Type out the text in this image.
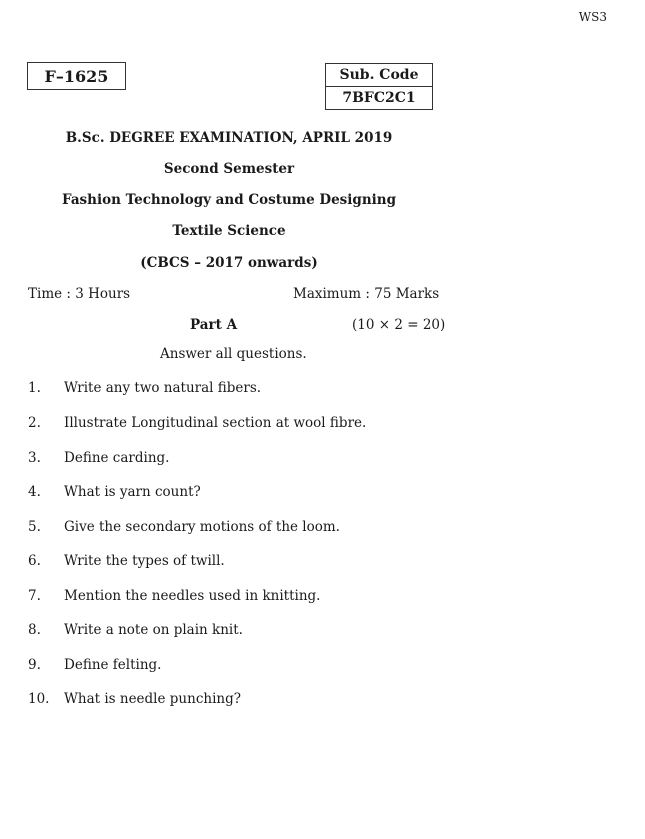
WS3
F–1625	Sub. Code
7BFC2C1
B.Sc. DEGREE EXAMINATION, APRIL 2019
Second Semester
Fashion Technology and Costume Designing
Textile Science
(CBCS – 2017 onwards)
Time : 3 Hours	Maximum : 75 Marks
Part A	(10 × 2 = 20)
Answer all questions.
1. Write any two natural fibers.
2. Illustrate Longitudinal section at wool fibre.
3. Define carding.
4. What is yarn count?
5. Give the secondary motions of the loom.
6. Write the types of twill.
7. Mention the needles used in knitting.
8. Write a note on plain knit.
9. Define felting.
10. What is needle punching?
